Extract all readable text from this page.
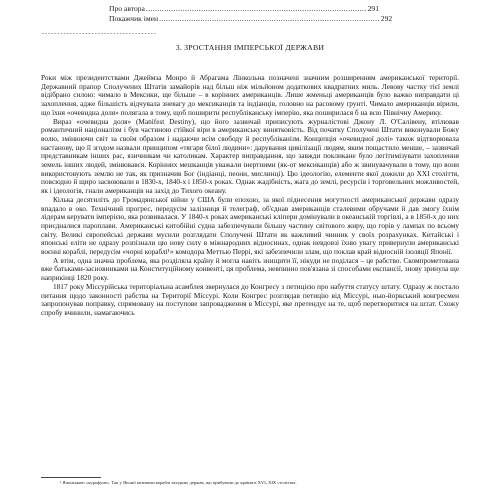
Про автора ................................................................................................ 291
Покажчик імен ................................................................................................ 292
-------------------------------------
3. ЗРОСТАННЯ ІМПЕРСЬКОЇ ДЕРЖАВИ

Роки між президентствами Джеймза Монро й Абрагама Лінкольна позначені значним розширенням американської території. Державний прапор Сполучених Штатів замайорів над більш ніж мільйоном додаткових квадратних миль. Левову частку тієї землі відібрано силою: чимало в Мексики, ще більше – в корінних американців. Лише жменьці американців було важко виправдати ці захоплення, адже більшість відчувала зневагу до мексиканців та індіанців, головно на расовому ґрунті. Чимало американців вірили, що їхня «очевидна доля» полягала в тому, щоб поширити республіканську імперію, яка поширилася б на всю Північну Америку.

Вираз «очевидна доля» (Manifest Destiny), що його зазвичай приписують журналістові Джону Л. О'Салівену, втілював романтичний націоналізм і був частиною стійкої віри в американську винятковість. Від початку Сполучені Штати виконували Божу волю, змінюючи світ за своїм образом і надаючи всім свободу й республіканізм. Концепція «очевидної долі» також відтворювала настанову, що її згодом назвали принципом «тягаря білої людини»: дарування цивілізації людям, яким пощастило менше, – зазвичай представникам інших рас, язичникам чи католикам. Характер виправдання, що завжди покликане було легітимізувати захоплення земель інших людей, змінювався. Корінних мешканців уважали інертними (як-от мексиканців) або ж звинувачували в тому, що вони використовують землю не так, як призначив Бог (індіанці, пеони, мислинці). Цю ідеологію, елементи якої дожили до ХХІ століття, повсюдно й щиро засвоювали в 1830-х, 1840-х і 1850-х роках. Однак жадібність, жага до землі, ресурсів і торговельних можливостей, як і ідеологія, гнали американців на захід до Тихого океану.

Кілька десятиліть до Громадянської війни у США були епохою, за якої піднесення могутності американської держави одразу впадало в око. Технічний прогрес, передусім залізниця й телеграф, об'єднав американців сталевими обручами й дав змогу їхнім лідерам керувати імперією, яка розвивалася. У 1840-х роках американські кліпери домінували в океанській торгівлі, а в 1850-х до них приєдналися пароплави. Американські китобійні судна забезпечували більшу частину світового жиру, що горів у лампах по всьому світу. Великі європейські держави мусили розглядати Сполучені Штати як важливий чинник у своїх розрахунках. Китайські і японські еліти не одразу розпізнали цю нову силу в міжнародних відносинах, однак невдовзі їхню увагу привернули американські воєнні кораблі, передусім «чорні кораблі¹» комодора Меттью Перрі, які забезпечили злам, що поклав край відносній ізоляції Японії.

А втім, одна значна проблема, яка розділяла країну й могла навіть знищити її, нікуди не поділася – це рабство. Скомпрометована вже батьками-засновниками на Конституційному конвенті, ця проблема, невпинно пов'язана зі способами експансії, знову зринула ще наприкінці 1820 року.

1817 року Міссурійська територіальна асамблея звернулася до Конгресу з петицією про набуття статусу штату. Одразу ж постало питання щодо законності рабства на Території Міссурі. Коли Конгрес розглядав петицію від Міссурі, нью-йоркський конгресмен запропонував поправку, спрямовану на поступове запровадження в Міссурі, яке претендує на те, щоб перетворитися на штат. Схожу спробу вчинили, намагаючись

¹ Японською «курофуне». Так у Японії називали кораблі західних держав, що прибували до країни в XVI–XIX століттях.
